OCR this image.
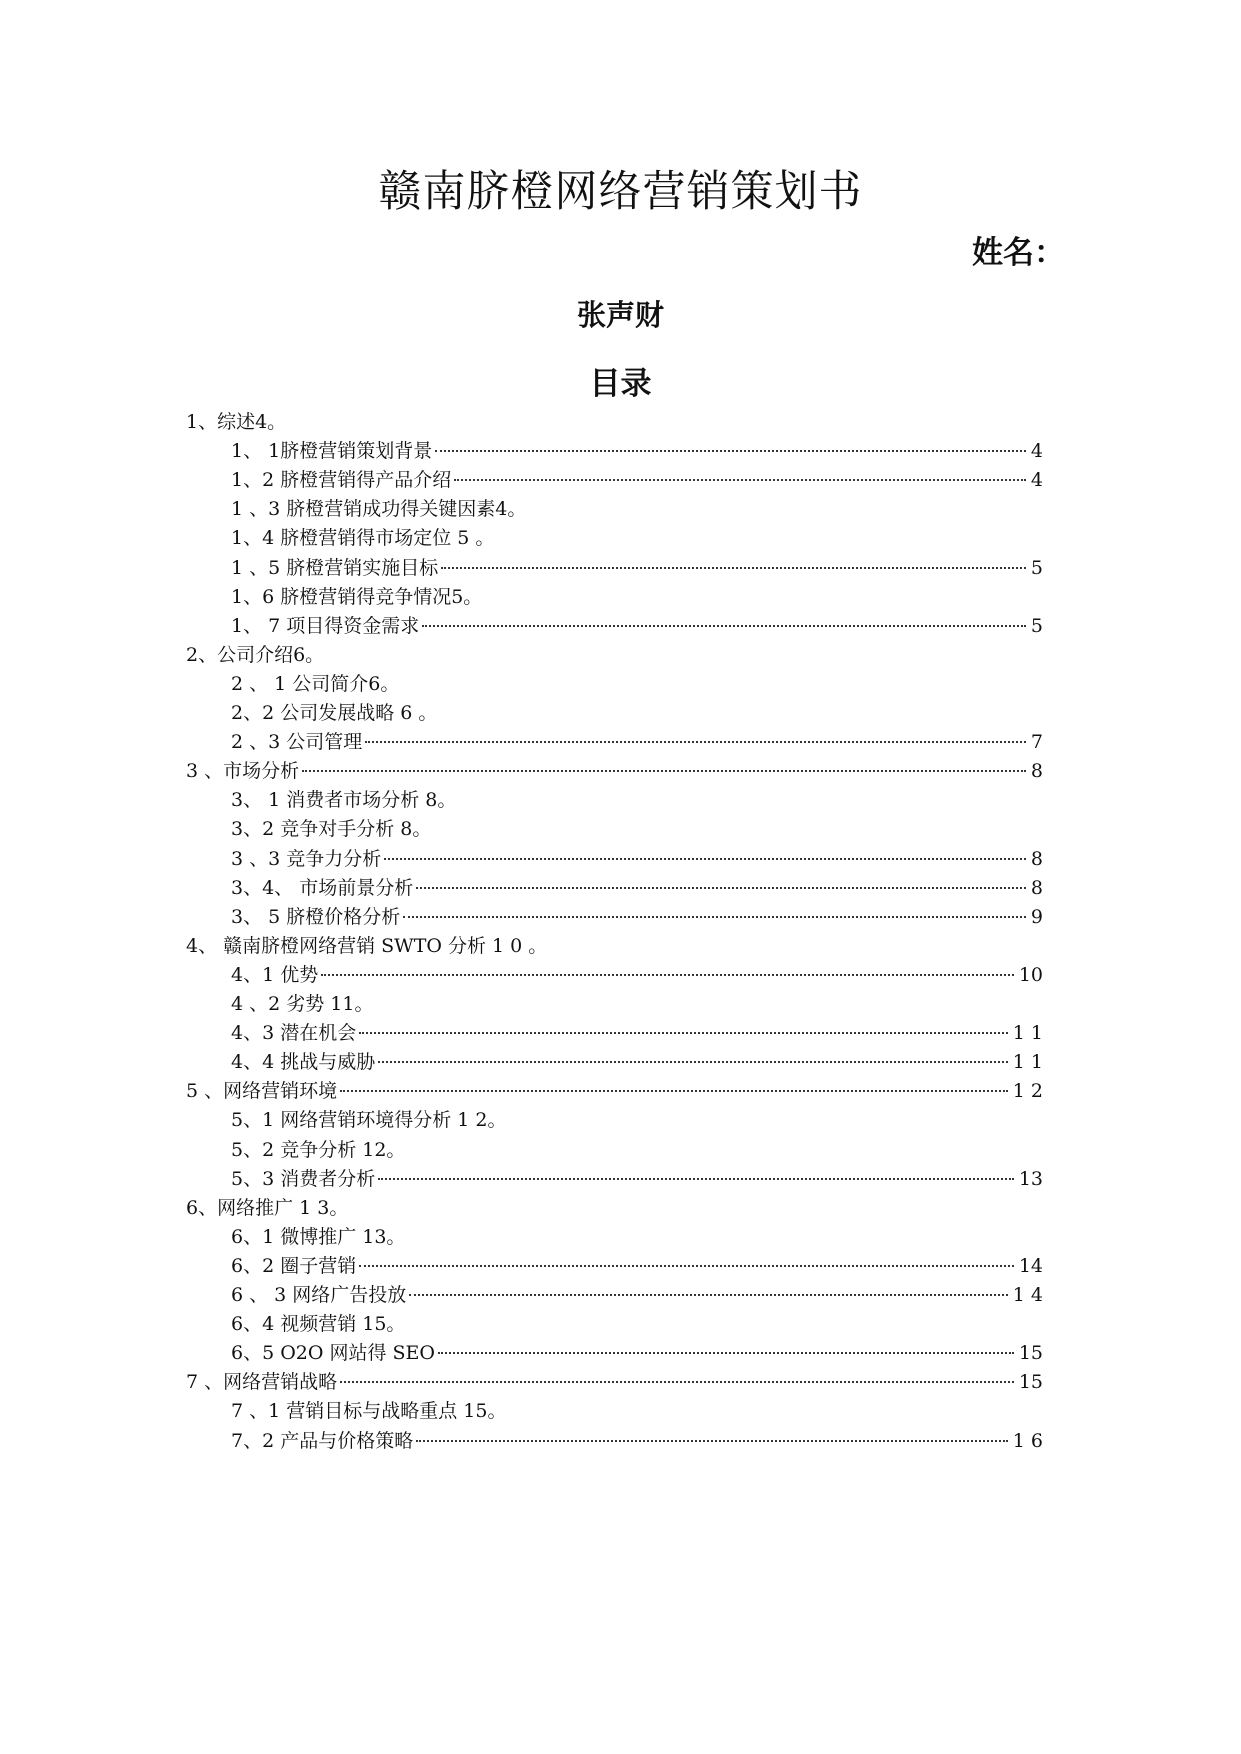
赣南脐橙网络营销策划书
姓名：
张声财
目录
1、综述4。
1、 1脐橙营销策划背景	4
1、2 脐橙营销得产品介绍	4
1 、3 脐橙营销成功得关键因素4。
1、4 脐橙营销得市场定位 5 。
1 、5 脐橙营销实施目标	5
1、6 脐橙营销得竞争情况5。
1、 7 项目得资金需求	5
2、公司介绍6。
2 、 1 公司简介6。
2、2 公司发展战略 6 。
2 、3 公司管理	7
3 、市场分析	8
3、 1 消费者市场分析 8。
3、2 竞争对手分析 8。
3 、3 竞争力分析	8
3、4、 市场前景分析	8
3、 5 脐橙价格分析	9
4、 赣南脐橙网络营销 SWTO 分析 1 0 。
4、1 优势	10
4 、2 劣势 11。
4、3 潜在机会	1 1
4、4 挑战与威胁	1 1
5 、网络营销环境	1 2
5、1 网络营销环境得分析 1 2。
5、2 竞争分析 12。
5、3 消费者分析	13
6、网络推广 1 3。
6、1 微博推广 13。
6、2 圈子营销	14
6 、 3 网络广告投放	1 4
6、4 视频营销 15。
6、5 O2O 网站得 SEO	15
7 、网络营销战略	15
7 、1 营销目标与战略重点 15。
7、2 产品与价格策略	1 6
